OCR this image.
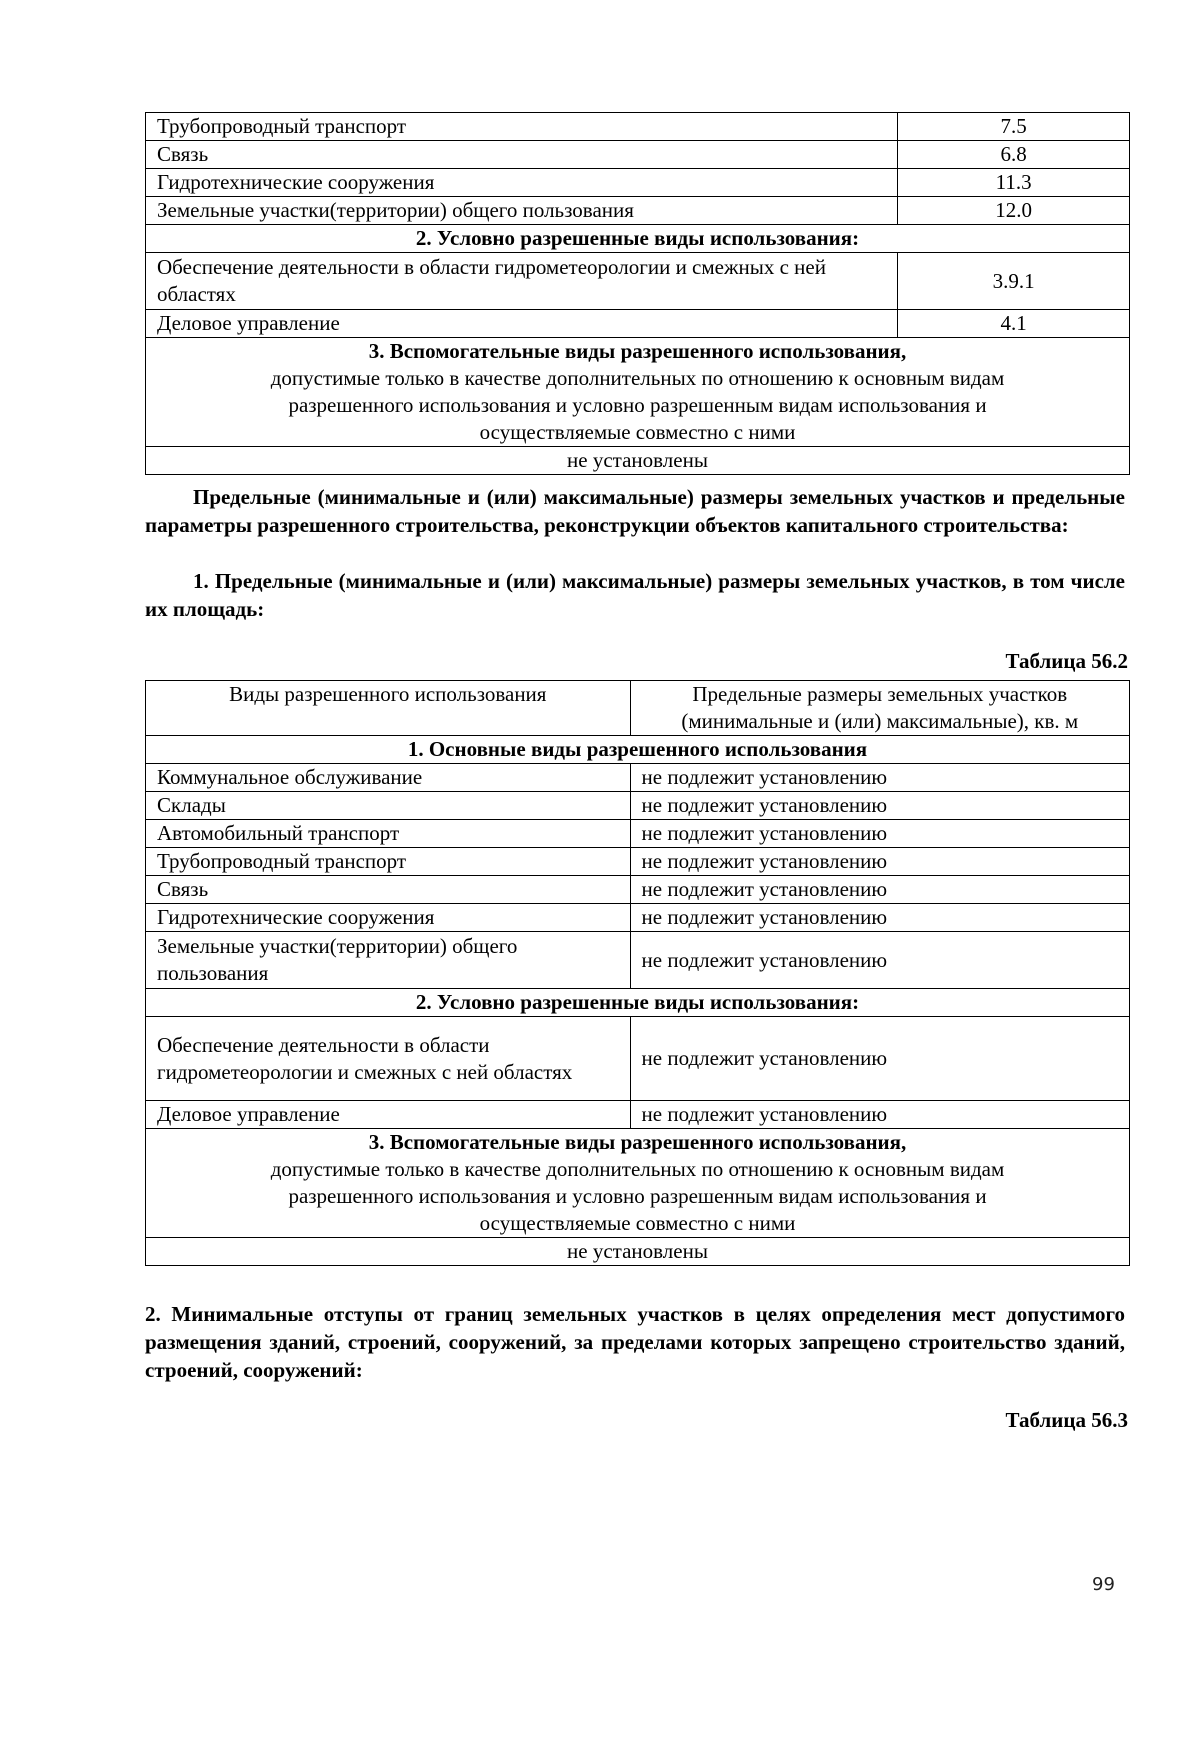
Трубопроводный транспорт	7.5
Связь	6.8
Гидротехнические сооружения	11.3
Земельные участки(территории) общего пользования	12.0
2. Условно разрешенные виды использования:	
Обеспечение деятельности в области гидрометеорологии и смежных с ней областях	3.9.1
Деловое управление	4.1

3. Вспомогательные виды разрешенного использования,
допустимые только в качестве дополнительных по отношению к основным видам
разрешенного использования и условно разрешенным видам использования и
осуществляемые совместно с ними	

не установлены	
Предельные (минимальные и (или) максимальные) размеры земельных участков и предельные параметры разрешенного строительства, реконструкции объектов капитального строительства:
1. Предельные (минимальные и (или) максимальные) размеры земельных участков, в том числе их площадь:
Таблица 56.2
Виды разрешенного использования	Предельные размеры земельных участков
(минимальные и (или) максимальные), кв. м

1. Основные виды разрешенного использования	
Коммунальное обслуживание	не подлежит установлению
Склады	не подлежит установлению
Автомобильный транспорт	не подлежит установлению
Трубопроводный транспорт	не подлежит установлению
Связь	не подлежит установлению
Гидротехнические сооружения	не подлежит установлению
Земельные участки(территории) общего пользования	не подлежит установлению
2. Условно разрешенные виды использования:	
Обеспечение деятельности в области гидрометеорологии и смежных с ней областях	не подлежит установлению
Деловое управление	не подлежит установлению

3. Вспомогательные виды разрешенного использования,
допустимые только в качестве дополнительных по отношению к основным видам
разрешенного использования и условно разрешенным видам использования и
осуществляемые совместно с ними	

не установлены	
2. Минимальные отступы от границ земельных участков в целях определения мест допустимого размещения зданий, строений, сооружений, за пределами которых запрещено строительство зданий, строений, сооружений:
Таблица 56.3
99
